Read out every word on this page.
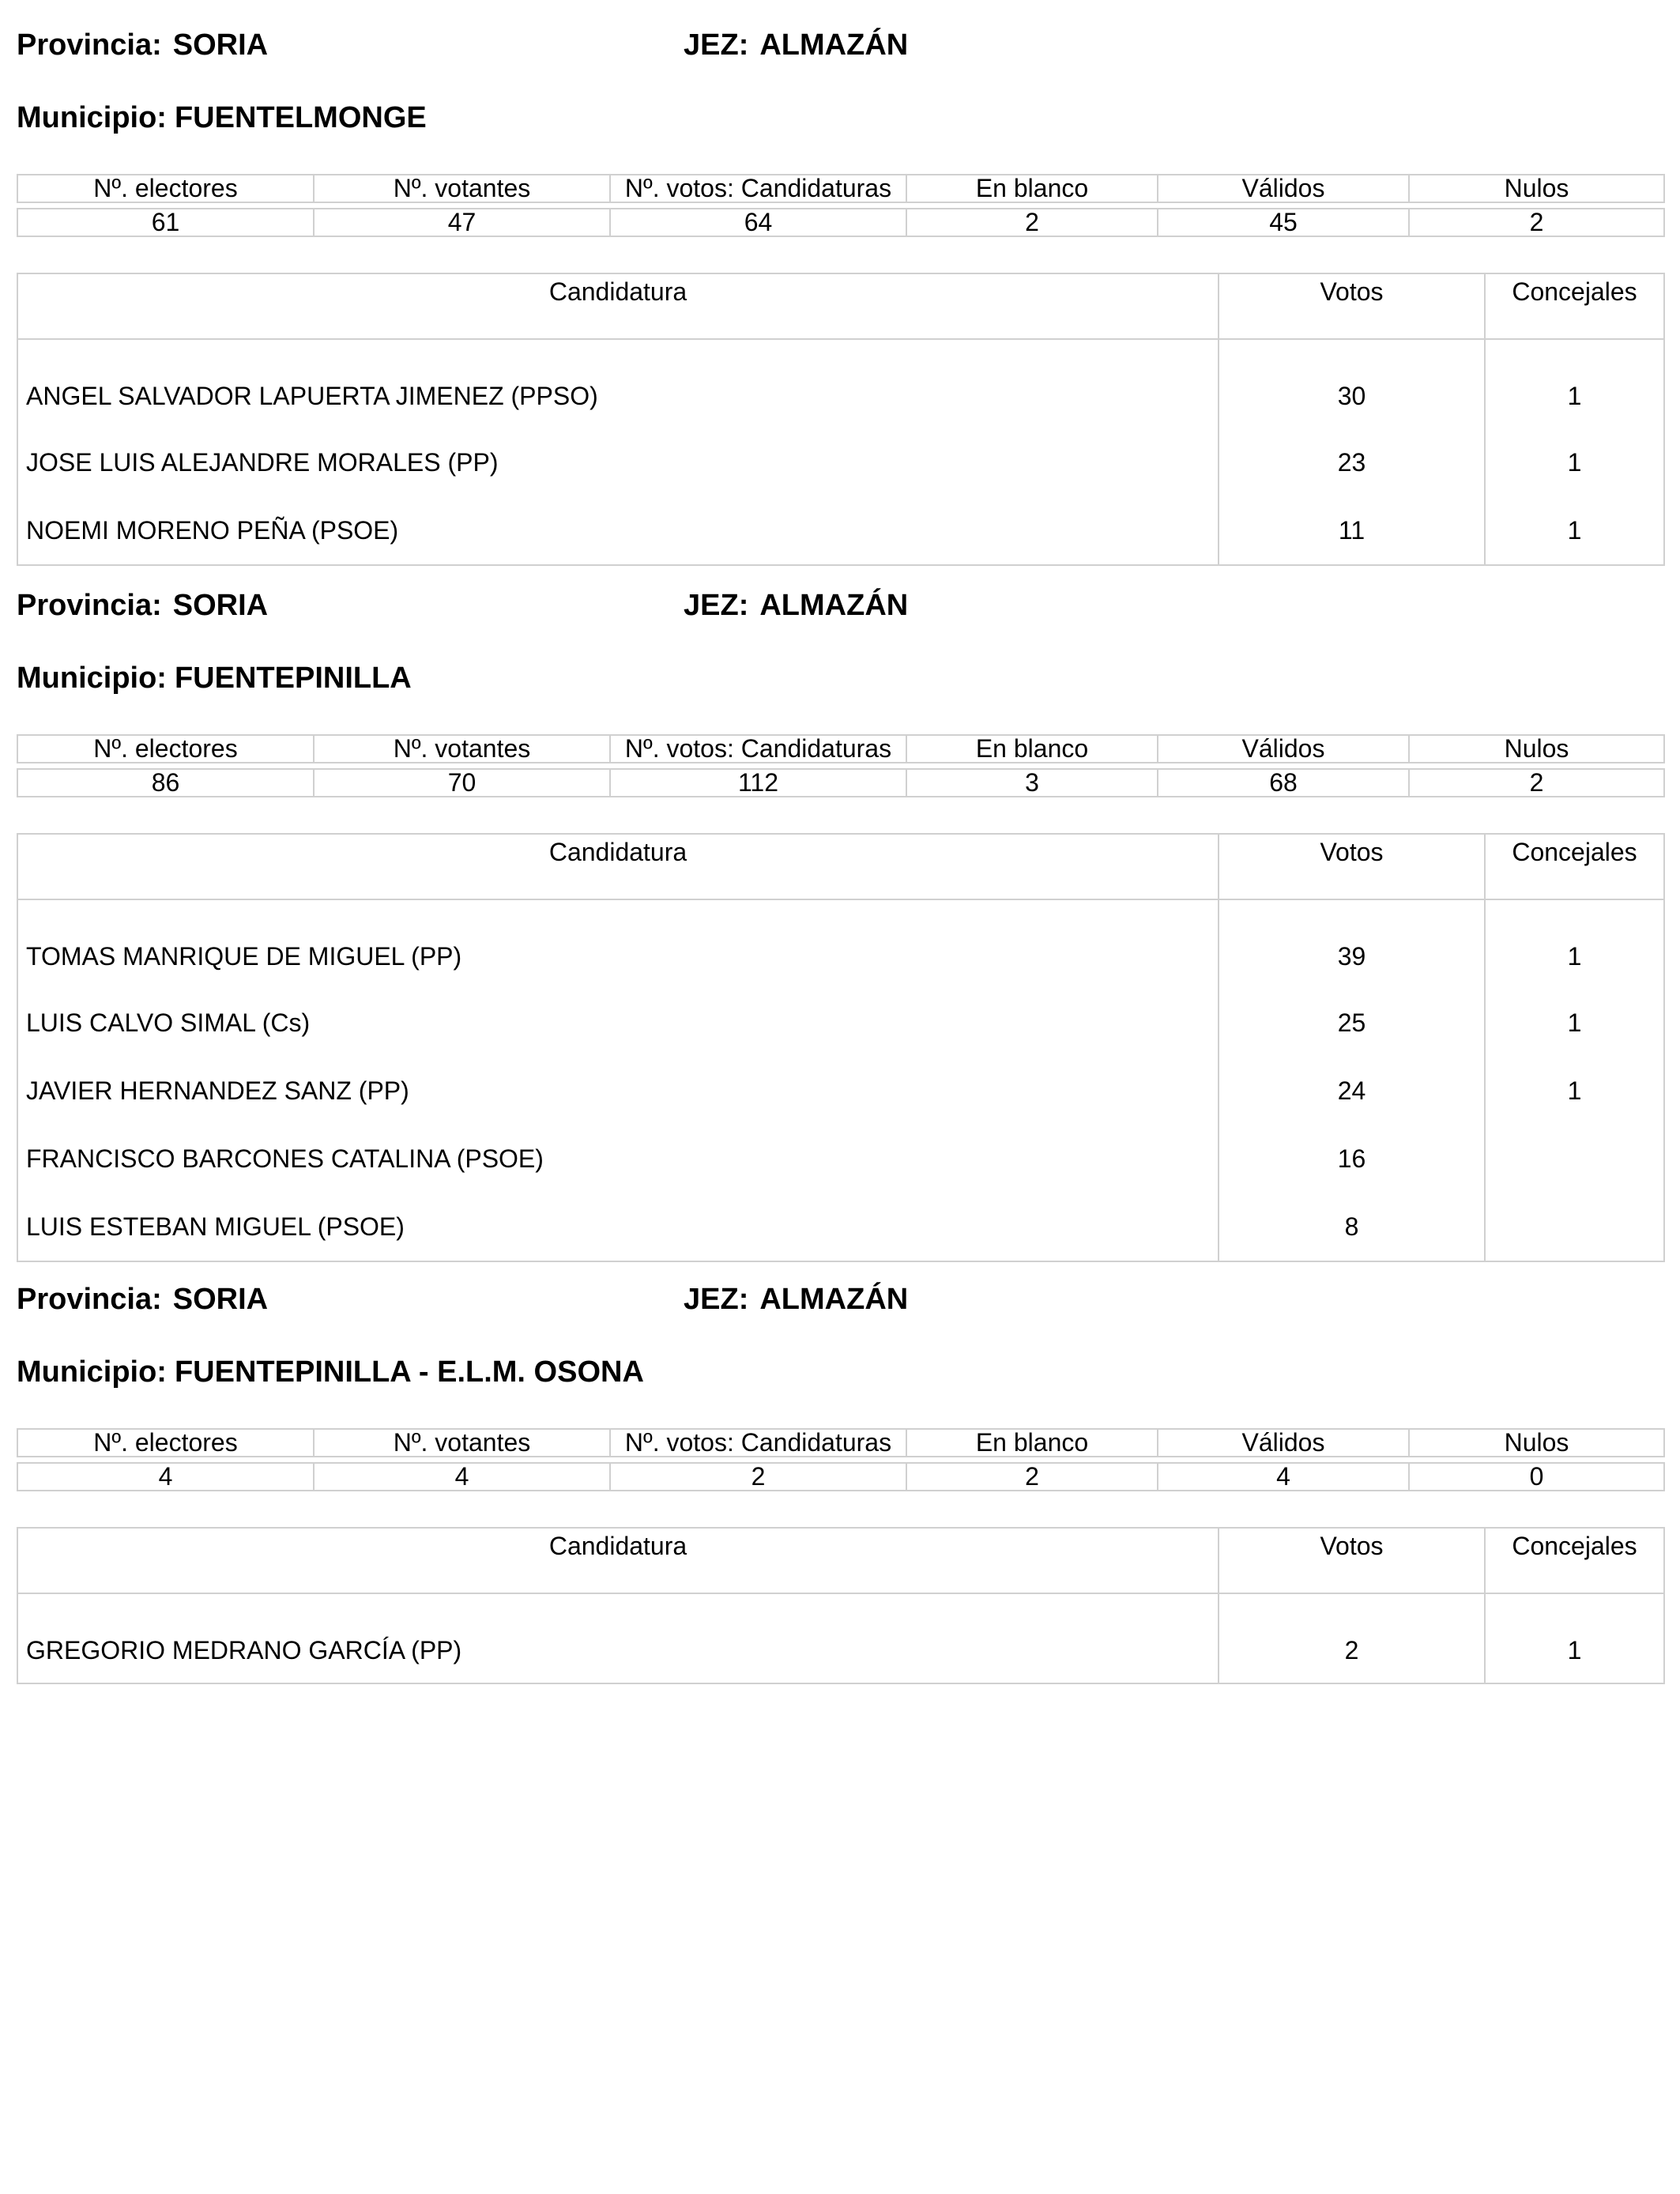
Provincia: SORIA	JEZ: ALMAZÁN
Municipio: FUENTELMONGE
Nº. electores	Nº. votantes	Nº. votos: Candidaturas	En blanco	Válidos	Nulos

61	47	64	2	45	2
Candidatura	Votos	Concejales
ANGEL SALVADOR LAPUERTA JIMENEZ (PPSO)	30	1
JOSE LUIS ALEJANDRE MORALES (PP)	23	1
NOEMI MORENO PEÑA (PSOE)	11	1
Provincia: SORIA	JEZ: ALMAZÁN
Municipio: FUENTEPINILLA
Nº. electores	Nº. votantes	Nº. votos: Candidaturas	En blanco	Válidos	Nulos

86	70	112	3	68	2
Candidatura	Votos	Concejales
TOMAS MANRIQUE DE MIGUEL (PP)	39	1
LUIS CALVO SIMAL (Cs)	25	1
JAVIER HERNANDEZ SANZ (PP)	24	1
FRANCISCO BARCONES CATALINA (PSOE)	16	
LUIS ESTEBAN MIGUEL (PSOE)	8	
Provincia: SORIA	JEZ: ALMAZÁN
Municipio: FUENTEPINILLA - E.L.M. OSONA
Nº. electores	Nº. votantes	Nº. votos: Candidaturas	En blanco	Válidos	Nulos

4	4	2	2	4	0
Candidatura	Votos	Concejales
GREGORIO MEDRANO GARCÍA (PP)	2	1
